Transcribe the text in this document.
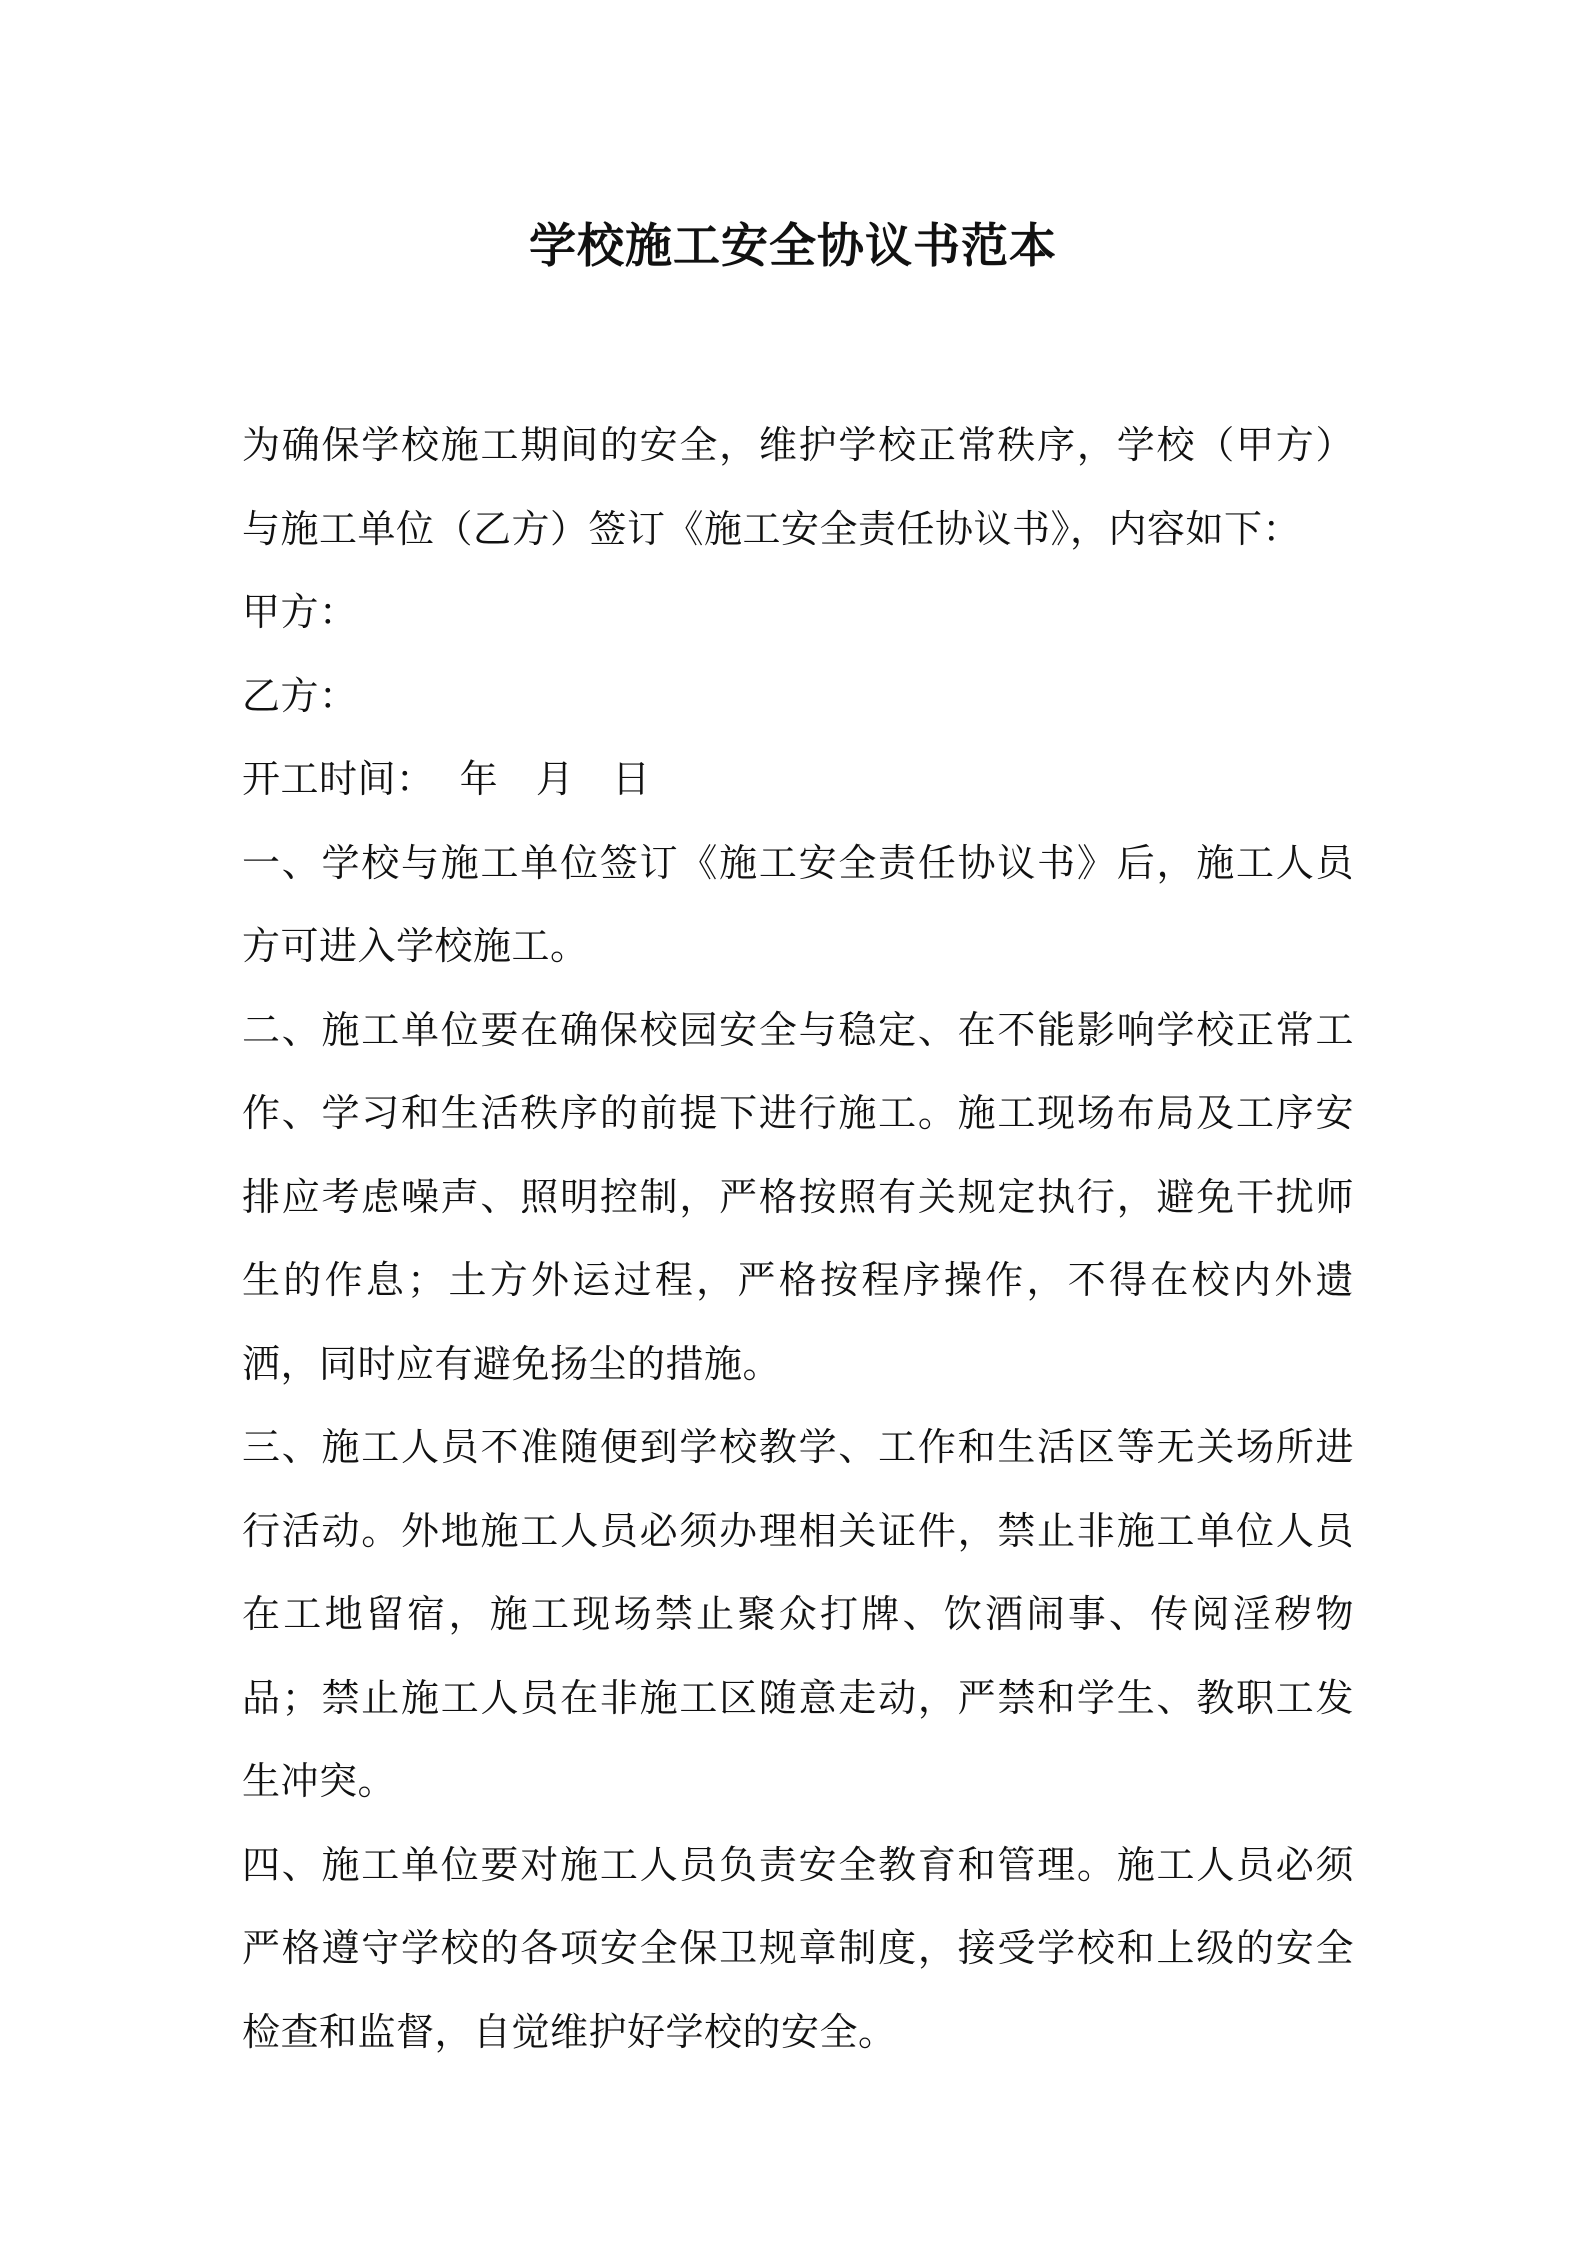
学校施工安全协议书范本

为确保学校施工期间的安全，维护学校正常秩序，学校（甲方）与施工单位（乙方）签订《施工安全责任协议书》，内容如下：

甲方：

乙方：

开工时间：  年   月   日

一、学校与施工单位签订《施工安全责任协议书》后，施工人员方可进入学校施工。

二、施工单位要在确保校园安全与稳定、在不能影响学校正常工作、学习和生活秩序的前提下进行施工。施工现场布局及工序安排应考虑噪声、照明控制，严格按照有关规定执行，避免干扰师生的作息；土方外运过程，严格按程序操作，不得在校内外遗洒，同时应有避免扬尘的措施。

三、施工人员不准随便到学校教学、工作和生活区等无关场所进行活动。外地施工人员必须办理相关证件，禁止非施工单位人员在工地留宿，施工现场禁止聚众打牌、饮酒闹事、传阅淫秽物品；禁止施工人员在非施工区随意走动，严禁和学生、教职工发生冲突。

四、施工单位要对施工人员负责安全教育和管理。施工人员必须严格遵守学校的各项安全保卫规章制度，接受学校和上级的安全检查和监督，自觉维护好学校的安全。
